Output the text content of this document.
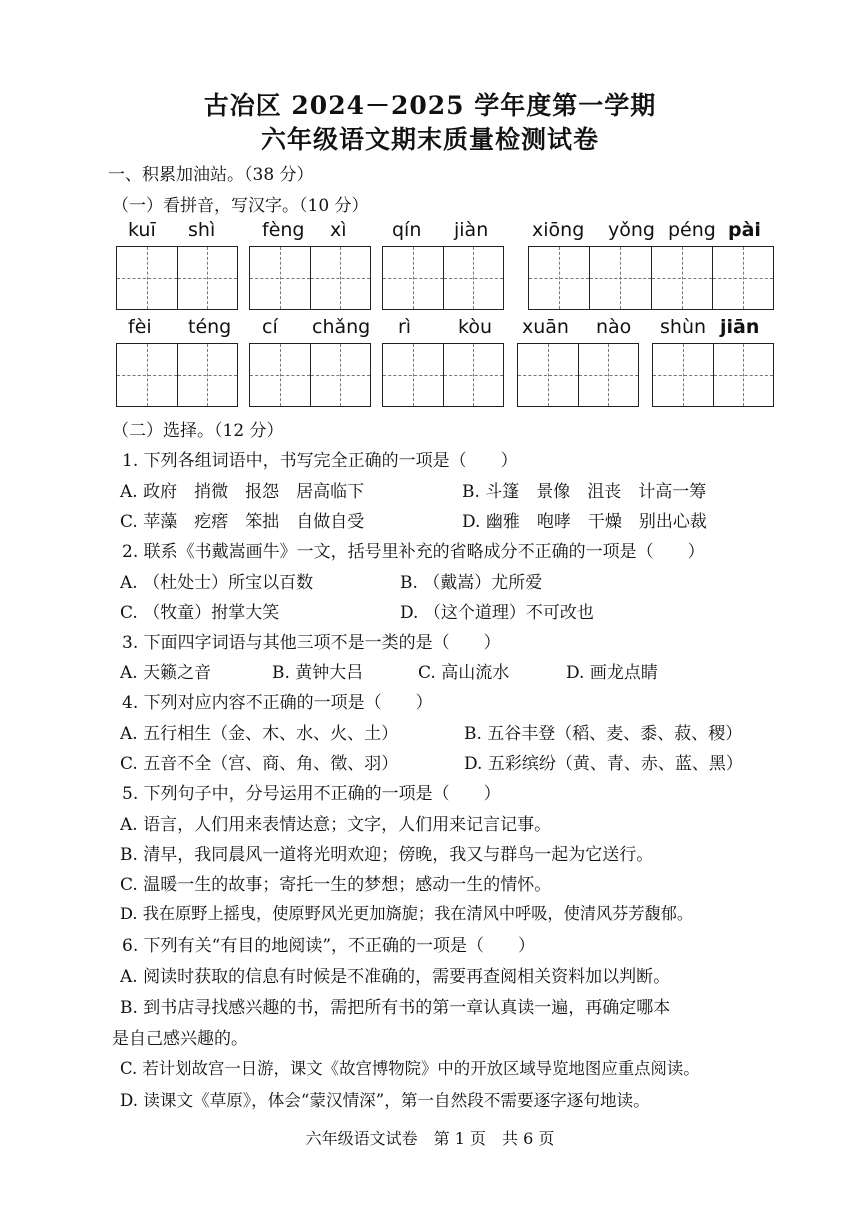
古冶区 2024－2025 学年度第一学期
六年级语文期末质量检测试卷
一、积累加油站。（38 分）
（一）看拼音，写汉字。（10 分）
kuī shì fèng xì qín jiàn xiōng yǒng péng pài
fèi téng cí chǎng rì kòu xuān nào shùn jiān
（二）选择。（12 分）
1. 下列各组词语中，书写完全正确的一项是（　　）
A. 政府　捎微　报怨　居高临下	B. 斗篷　景像　沮丧　计高一筹
C. 苹藻　疙瘩　笨拙　自做自受	D. 幽雅　咆哮　干燥　别出心裁
2. 联系《书戴嵩画牛》一文，括号里补充的省略成分不正确的一项是（　　）
A. （杜处士）所宝以百数	B. （戴嵩）尤所爱
C. （牧童）拊掌大笑	D. （这个道理）不可改也
3. 下面四字词语与其他三项不是一类的是（　　）
A. 天籁之音	B. 黄钟大吕	C. 高山流水	D. 画龙点睛
4. 下列对应内容不正确的一项是（　　）
A. 五行相生（金、木、水、火、土）	B. 五谷丰登（稻、麦、黍、菽、稷）
C. 五音不全（宫、商、角、徵、羽）	D. 五彩缤纷（黄、青、赤、蓝、黑）
5. 下列句子中，分号运用不正确的一项是（　　）
A. 语言，人们用来表情达意；文字，人们用来记言记事。
B. 清早，我同晨风一道将光明欢迎；傍晚，我又与群鸟一起为它送行。
C. 温暖一生的故事；寄托一生的梦想；感动一生的情怀。
D. 我在原野上摇曳，使原野风光更加旖旎；我在清风中呼吸，使清风芬芳馥郁。
6. 下列有关“有目的地阅读”，不正确的一项是（　　）
A. 阅读时获取的信息有时候是不准确的，需要再查阅相关资料加以判断。
B. 到书店寻找感兴趣的书，需把所有书的第一章认真读一遍，再确定哪本
是自己感兴趣的。
C. 若计划故宫一日游，课文《故宫博物院》中的开放区域导览地图应重点阅读。
D. 读课文《草原》，体会“蒙汉情深”，第一自然段不需要逐字逐句地读。
六年级语文试卷　第 1 页　共 6 页
